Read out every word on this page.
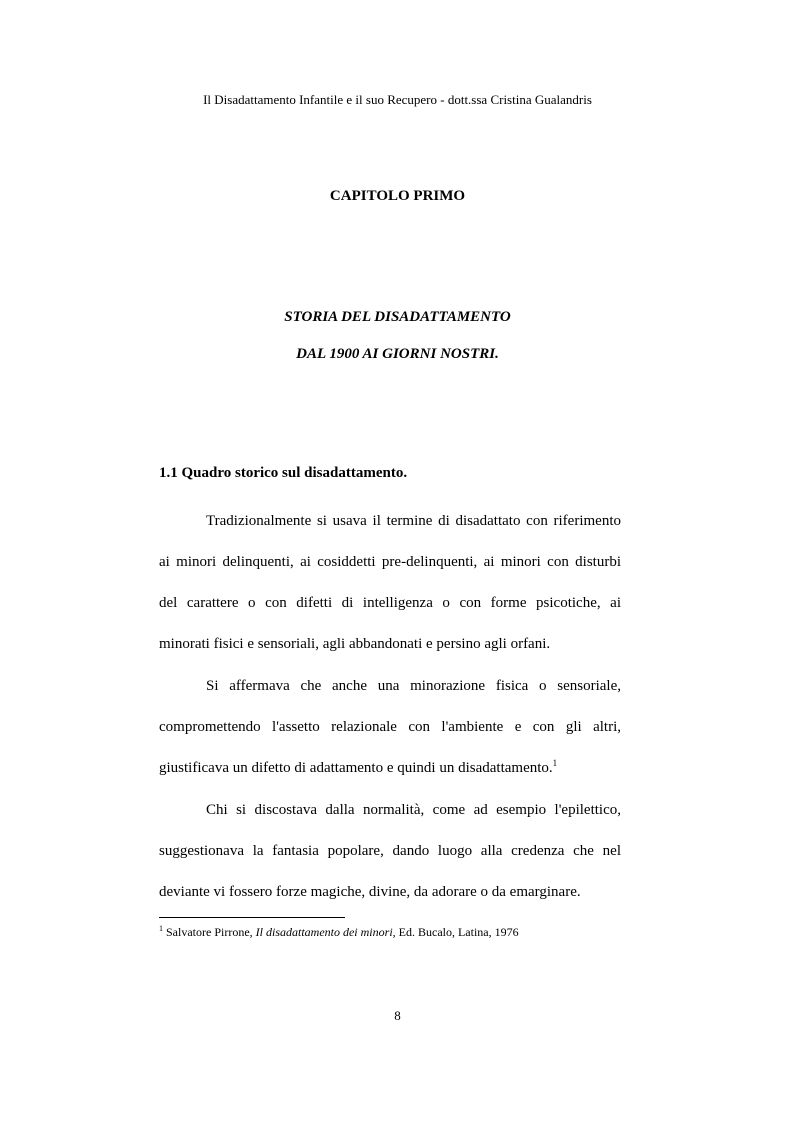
Il Disadattamento Infantile e il suo Recupero - dott.ssa Cristina Gualandris
CAPITOLO PRIMO
STORIA DEL DISADATTAMENTO
DAL 1900 AI GIORNI NOSTRI.
1.1 Quadro storico sul disadattamento.
Tradizionalmente si usava il termine di disadattato con riferimento
ai minori delinquenti, ai cosiddetti pre-delinquenti, ai minori con disturbi
del carattere o con difetti di intelligenza o con forme psicotiche, ai
minorati fisici e sensoriali, agli abbandonati e persino agli orfani.
Si affermava che anche una minorazione fisica o sensoriale,
compromettendo l'assetto relazionale con l'ambiente e con gli altri,
giustificava un difetto di adattamento e quindi un disadattamento.$^1$
Chi si discostava dalla normalità, come ad esempio l'epilettico,
suggestionava la fantasia popolare, dando luogo alla credenza che nel
deviante vi fossero forze magiche, divine, da adorare o da emarginare.
$^1$ Salvatore Pirrone, Il disadattamento dei minori, Ed. Bucalo, Latina, 1976
8
